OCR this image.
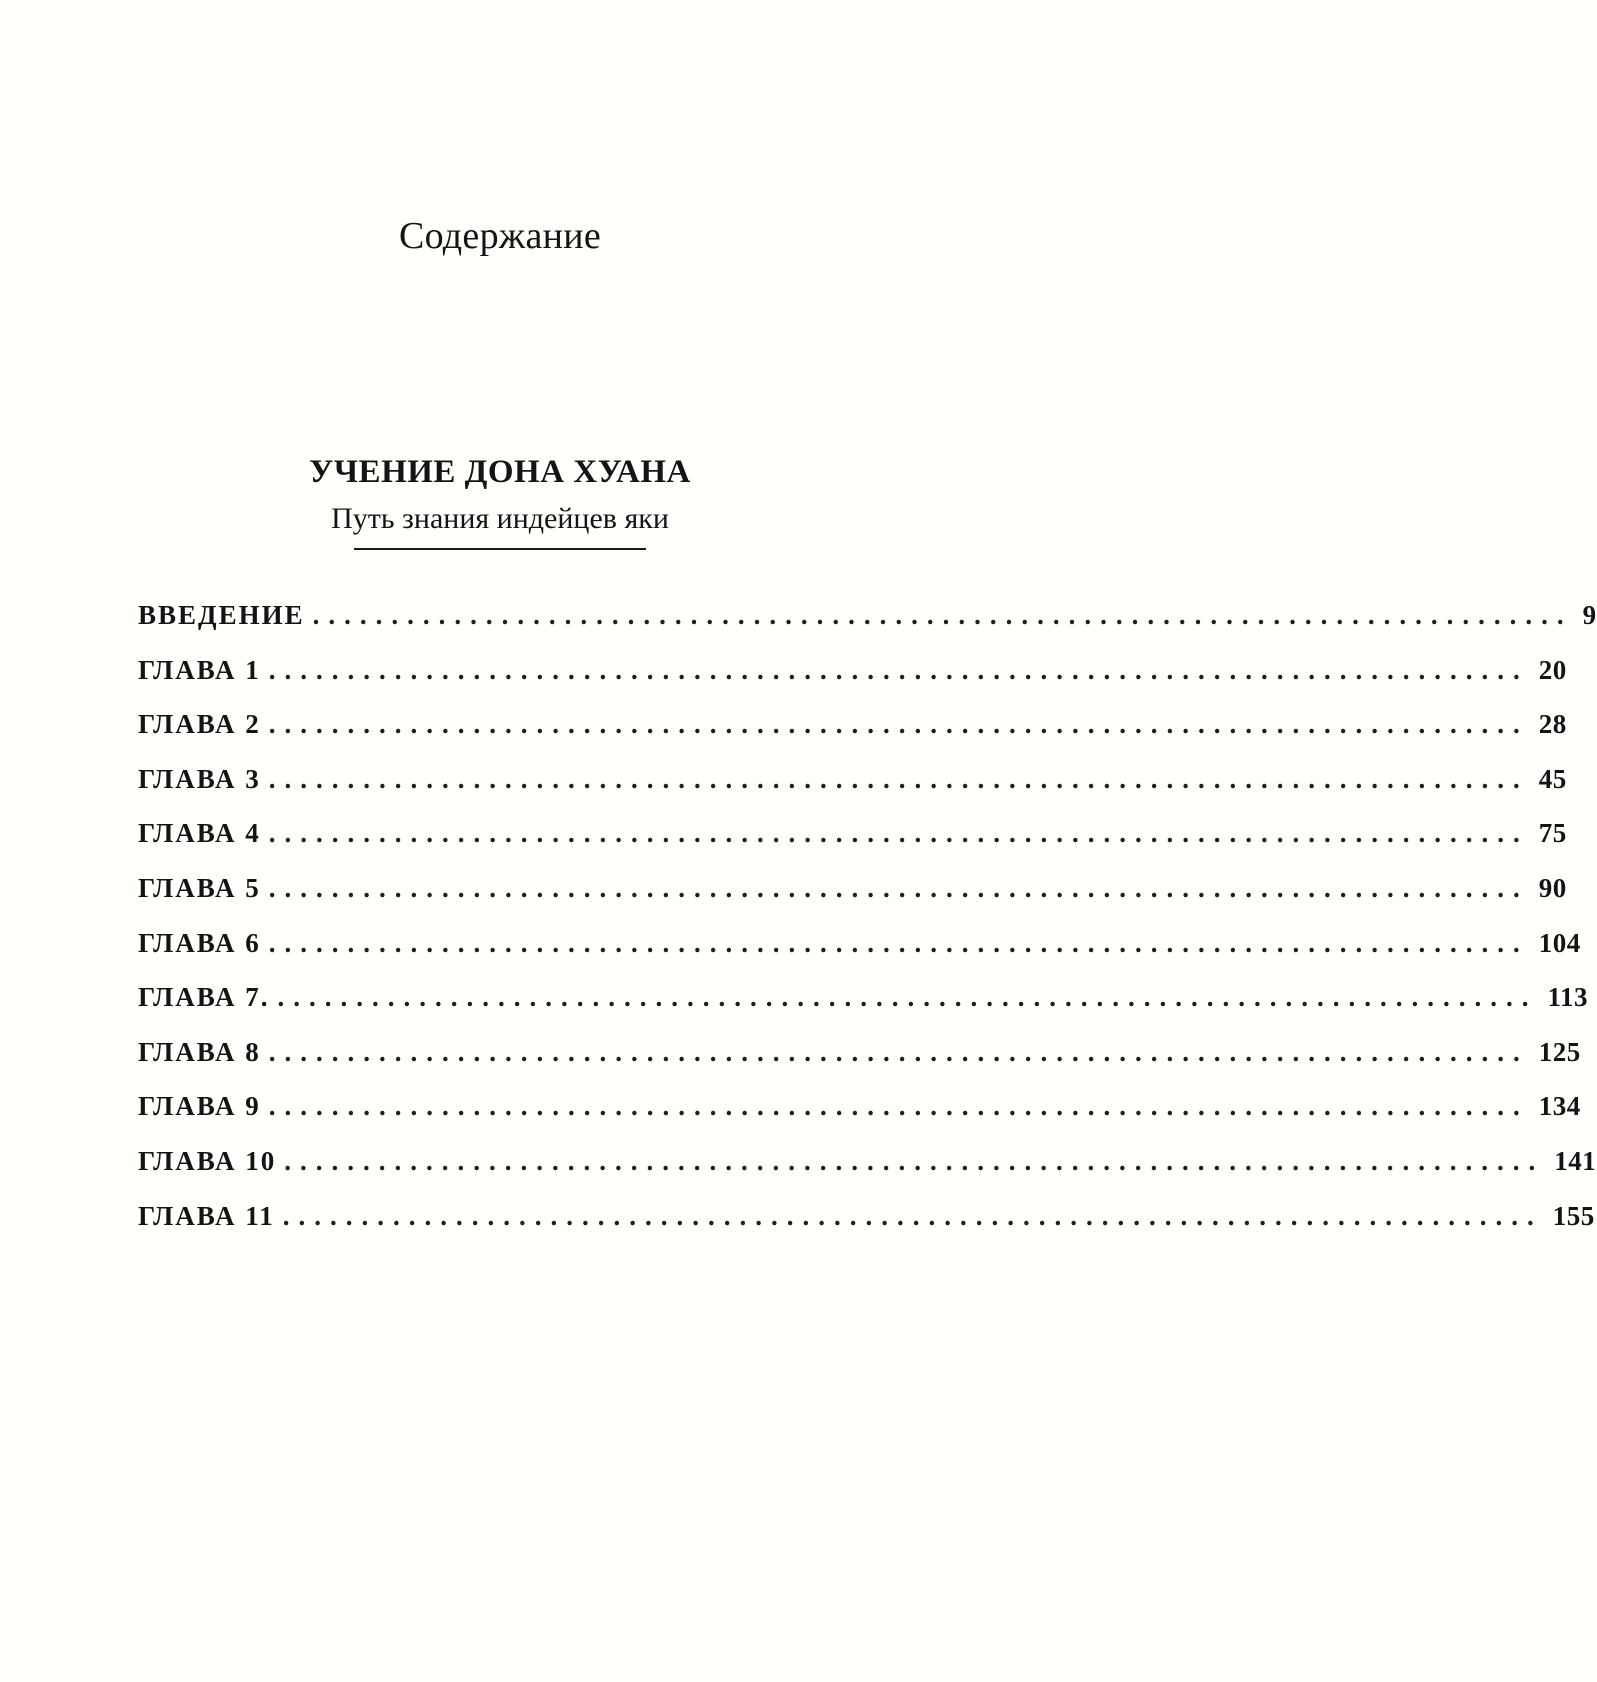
Содержание
УЧЕНИЕ ДОНА ХУАНА
Путь знания индейцев яки
ВВЕДЕНИЕ ................................................................................ 9
ГЛАВА 1 ................................................................................ 20
ГЛАВА 2 ................................................................................ 28
ГЛАВА 3 ................................................................................ 45
ГЛАВА 4 ................................................................................ 75
ГЛАВА 5 ................................................................................ 90
ГЛАВА 6 ................................................................................ 104
ГЛАВА 7. ................................................................................ 113
ГЛАВА 8 ................................................................................ 125
ГЛАВА 9 ................................................................................ 134
ГЛАВА 10 ................................................................................ 141
ГЛАВА 11 ................................................................................ 155
